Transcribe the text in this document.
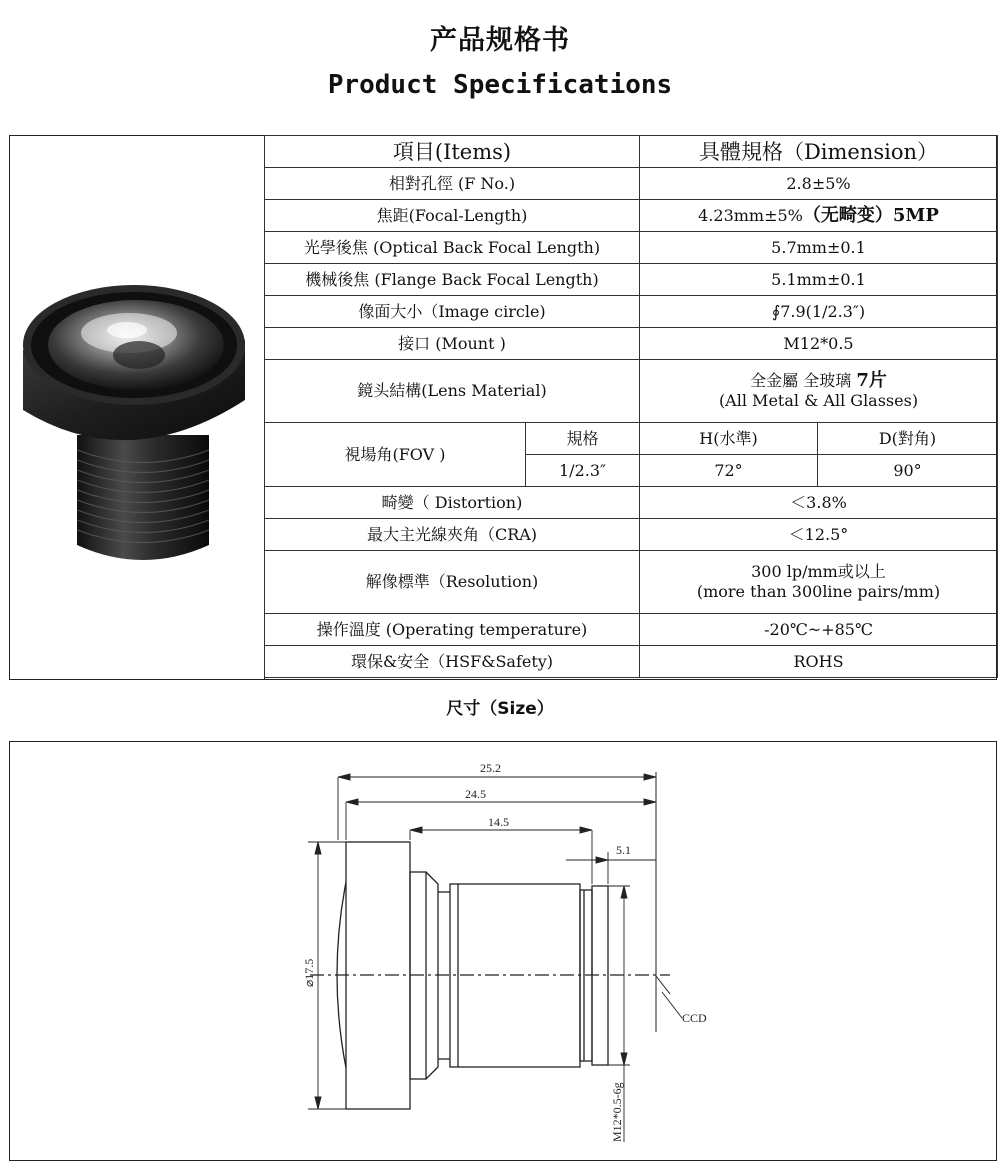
产品规格书
Product Specifications
項目(Items)		具體規格（Dimension）	
相對孔徑 (F No.)		2.8±5%	
焦距(Focal-Length)		4.23mm±5%（无畸变）5MP	
光學後焦 (Optical Back Focal Length)		5.7mm±0.1	
機械後焦 (Flange Back Focal Length)		5.1mm±0.1	
像面大小（Image circle)		∮7.9(1/2.3″)	
接口 (Mount )		M12*0.5	
鏡头結構(Lens Material)		全金屬 全玻璃 7片
(All Metal & All Glasses)	

視場角(FOV )	規格	H(水準)	D(對角)
	1/2.3″	72°	90°
畸變（ Distortion)		＜3.8%	
最大主光線夾角（CRA)		＜12.5°	
解像標準（Resolution)		300 lp/mm或以上
(more than 300line pairs/mm)	

操作溫度 (Operating temperature)		-20℃~+85℃	
環保&安全（HSF&Safety)		ROHS	
尺寸（Size）
25.2
24.5
14.5
5.1
CCD
⌀17.5
M12*0.5-6g
